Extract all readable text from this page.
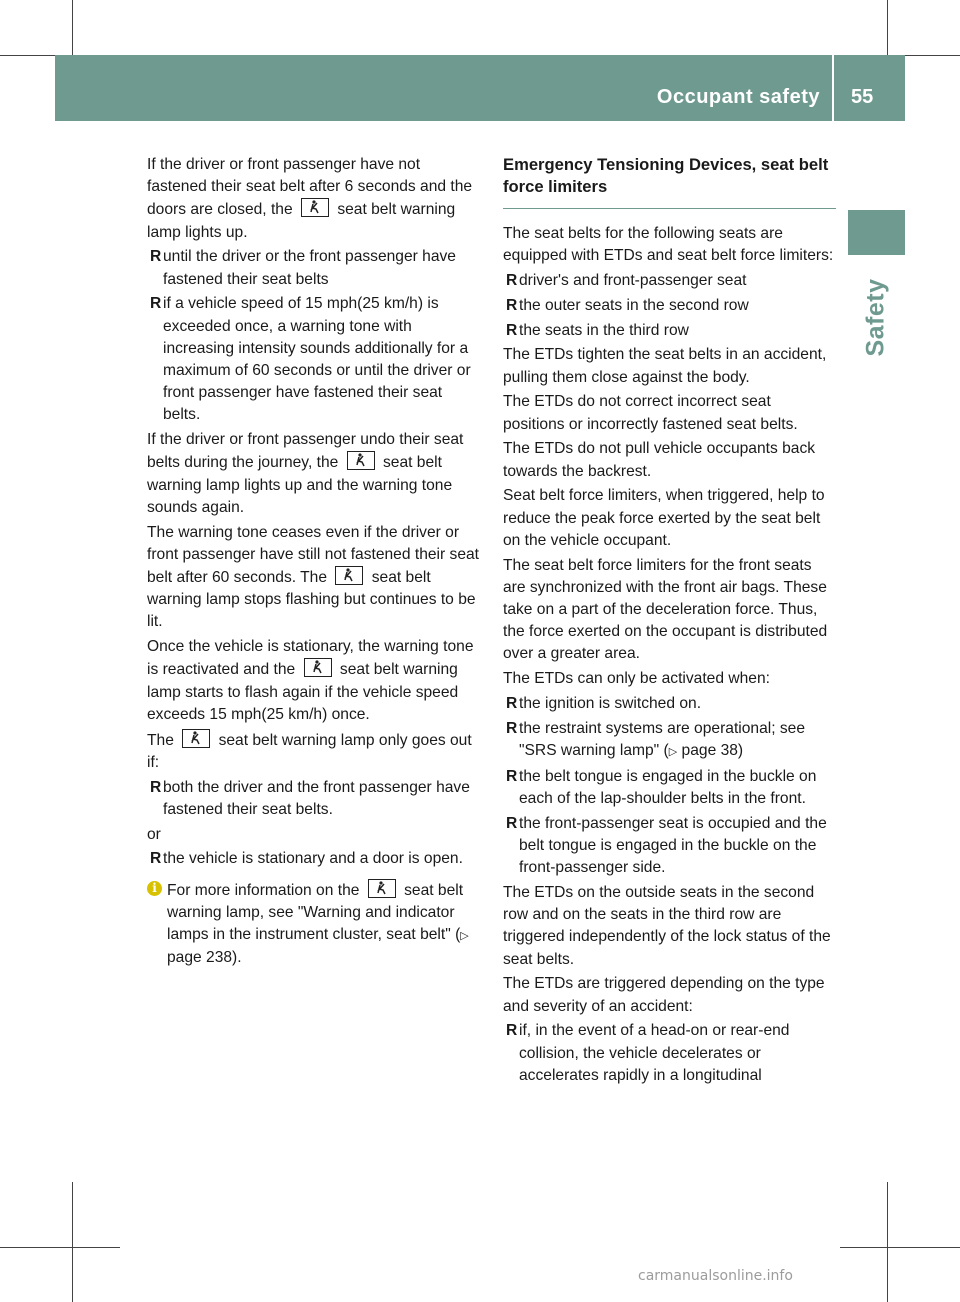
Occupant safety 55
Safety

If the driver or front passenger have not fastened their seat belt after 6 seconds and the doors are closed, the	seat belt warning lamp lights up.

R until the driver or the front passenger have fastened their seat belts
R if a vehicle speed of 15 mph(25 km/h) is exceeded once, a warning tone with increasing intensity sounds additionally for a maximum of 60 seconds or until the driver or front passenger have fastened their seat belts.

If the driver or front passenger undo their seat belts during the journey, the	seat belt warning lamp lights up and the warning tone sounds again.

The warning tone ceases even if the driver or front passenger have still not fastened their seat belt after 60 seconds. The	seat belt warning lamp stops flashing but continues to be lit.

Once the vehicle is stationary, the warning tone is reactivated and the	seat belt warning lamp starts to flash again if the vehicle speed exceeds 15 mph(25 km/h) once.

The	seat belt warning lamp only goes out if:

R both the driver and the front passenger have fastened their seat belts.

or

R the vehicle is stationary and a door is open.
i For more information on the	seat belt warning lamp, see "Warning and indicator lamps in the instrument cluster, seat belt" (▷ page 238).
Emergency Tensioning Devices, seat belt force limiters

The seat belts for the following seats are equipped with ETDs and seat belt force limiters:

R driver's and front-passenger seat
R the outer seats in the second row
R the seats in the third row

The ETDs tighten the seat belts in an accident, pulling them close against the body.

The ETDs do not correct incorrect seat positions or incorrectly fastened seat belts.

The ETDs do not pull vehicle occupants back towards the backrest.

Seat belt force limiters, when triggered, help to reduce the peak force exerted by the seat belt on the vehicle occupant.

The seat belt force limiters for the front seats are synchronized with the front air bags. These take on a part of the deceleration force. Thus, the force exerted on the occupant is distributed over a greater area.

The ETDs can only be activated when:

R the ignition is switched on.
R the restraint systems are operational; see "SRS warning lamp" (▷ page 38)
R the belt tongue is engaged in the buckle on each of the lap-shoulder belts in the front.
R the front-passenger seat is occupied and the belt tongue is engaged in the buckle on the front-passenger side.

The ETDs on the outside seats in the second row and on the seats in the third row are triggered independently of the lock status of the seat belts.

The ETDs are triggered depending on the type and severity of an accident:

R if, in the event of a head-on or rear-end collision, the vehicle decelerates or accelerates rapidly in a longitudinal
carmanualsonline.info
